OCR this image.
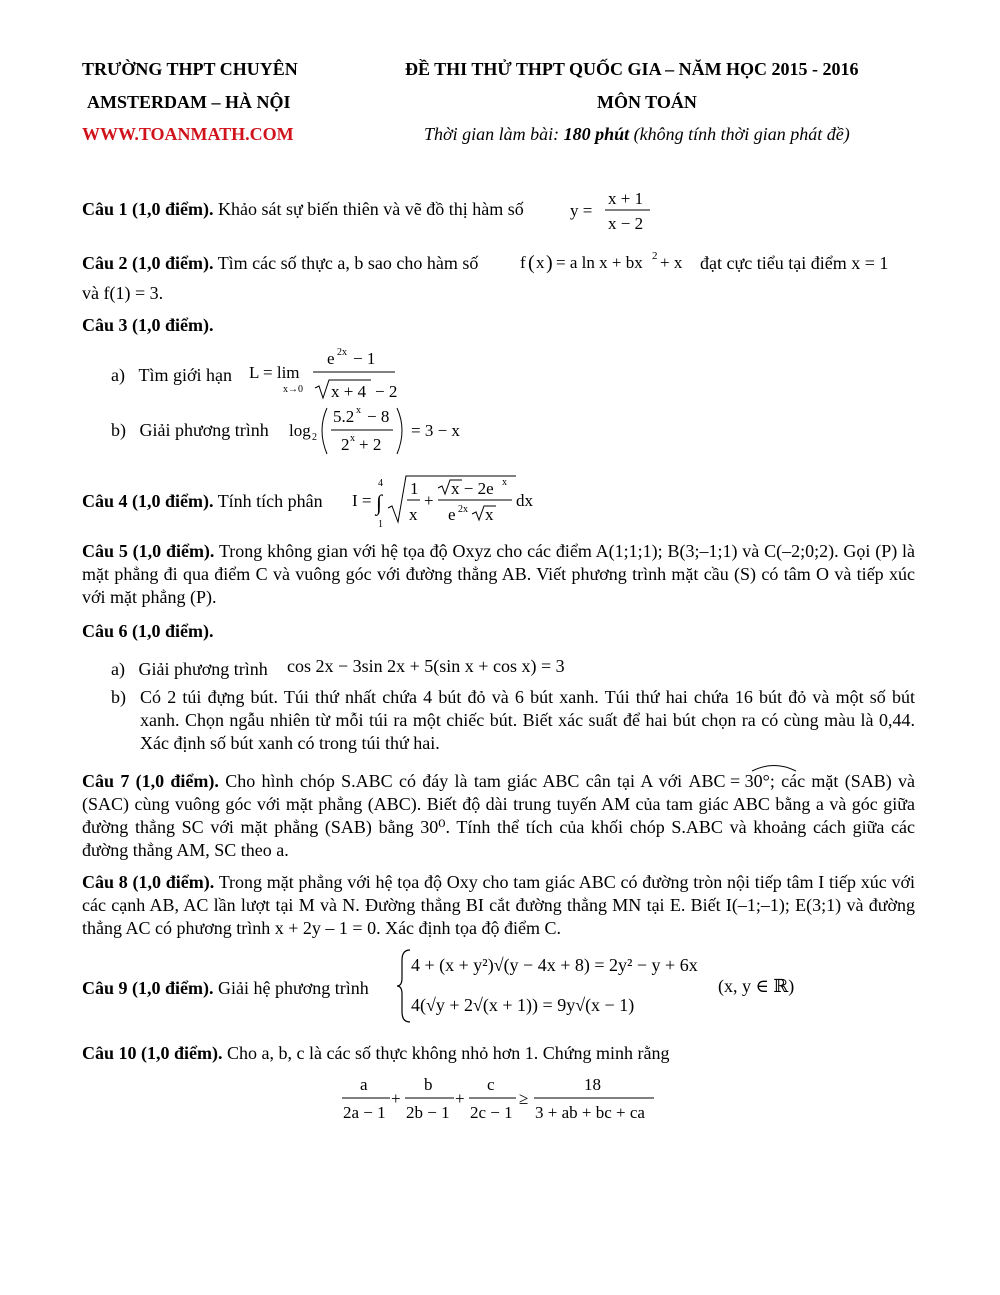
TRƯỜNG THPT CHUYÊN
AMSTERDAM – HÀ NỘI
WWW.TOANMATH.COM
ĐỀ THI THỬ THPT QUỐC GIA – NĂM HỌC 2015 - 2016
MÔN TOÁN
Thời gian làm bài: 180 phút (không tính thời gian phát đề)
Câu 1 (1,0 điểm). Khảo sát sự biến thiên và vẽ đồ thị hàm số	y =
x + 1
x − 2
Câu 2 (1,0 điểm). Tìm các số thực a, b sao cho hàm số f ( x ) = a ln x + bx 2 + x đạt cực tiểu tại điểm x = 1
và f(1) = 3.
Câu 3 (1,0 điểm).
a) Tìm giới hạn L = lim
x→0
e 2x − 1
x + 4 − 2
b) Giải phương trình log 2
5.2 x − 8
2 x + 2
= 3 − x
Câu 4 (1,0 điểm). Tính tích phân I =
4
∫
1
1
x
+
x − 2e x
e 2x x
dx
Câu 5 (1,0 điểm). Trong không gian với hệ tọa độ Oxyz cho các điểm A(1;1;1); B(3;–1;1) và C(–2;0;2). Gọi (P) là mặt phẳng đi qua điểm C và vuông góc với đường thẳng AB. Viết phương trình mặt cầu (S) có tâm O và tiếp xúc với mặt phẳng (P).
Câu 6 (1,0 điểm).
a) Giải phương trình cos 2x − 3sin 2x + 5(sin x + cos x) = 3
b) Có 2 túi đựng bút. Túi thứ nhất chứa 4 bút đỏ và 6 bút xanh. Túi thứ hai chứa 16 bút đỏ và một số bút xanh. Chọn ngẫu nhiên từ mỗi túi ra một chiếc bút. Biết xác suất để hai bút chọn ra có cùng màu là 0,44. Xác định số bút xanh có trong túi thứ hai.
Câu 7 (1,0 điểm). Cho hình chóp S.ABC có đáy là tam giác ABC cân tại A với ABC = 30°; các mặt (SAB) và (SAC) cùng vuông góc với mặt phẳng (ABC). Biết độ dài trung tuyến AM của tam giác ABC bằng a và góc giữa đường thẳng SC với mặt phẳng (SAB) bằng 30⁰. Tính thể tích của khối chóp S.ABC và khoảng cách giữa các đường thẳng AM, SC theo a.
Câu 8 (1,0 điểm). Trong mặt phẳng với hệ tọa độ Oxy cho tam giác ABC có đường tròn nội tiếp tâm I tiếp xúc với các cạnh AB, AC lần lượt tại M và N. Đường thẳng BI cắt đường thẳng MN tại E. Biết I(–1;–1); E(3;1) và đường thẳng AC có phương trình x + 2y – 1 = 0. Xác định tọa độ điểm C.
Câu 9 (1,0 điểm). Giải hệ phương trình
4 + (x + y²)√(y − 4x + 8) = 2y² − y + 6x
4(√y + 2√(x + 1)) = 9y√(x − 1)
(x, y ∈ ℝ)
Câu 10 (1,0 điểm). Cho a, b, c là các số thực không nhỏ hơn 1. Chứng minh rằng
a
2a − 1
+
b
2b − 1
+
c
2c − 1
≥
18
3 + ab + bc + ca
